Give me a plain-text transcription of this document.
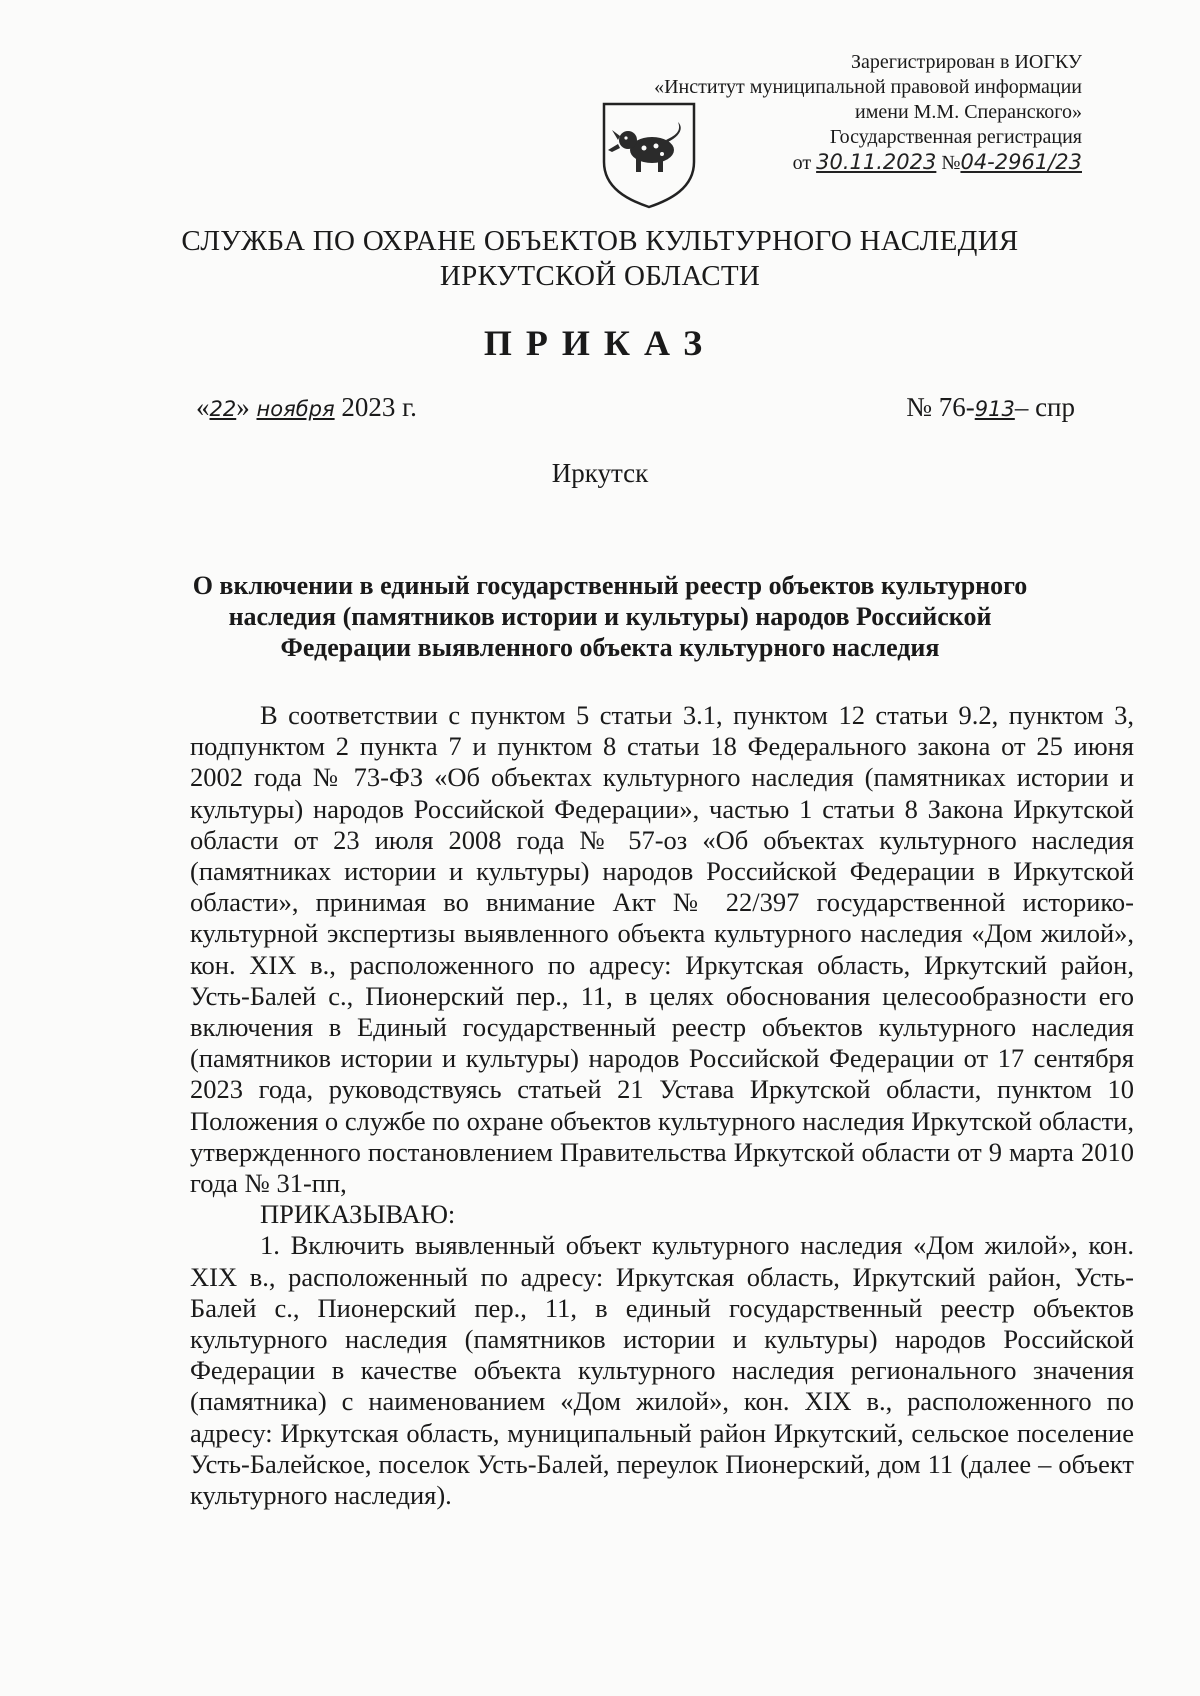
Зарегистрирован в ИОГКУ
«Институт муниципальной правовой информации
имени М.М. Сперанского»
Государственная регистрация
от 30.11.2023 №04-2961/23
СЛУЖБА ПО ОХРАНЕ ОБЪЕКТОВ КУЛЬТУРНОГО НАСЛЕДИЯ
ИРКУТСКОЙ ОБЛАСТИ
ПРИКАЗ
«22» ноября 2023 г.	№ 76-913– спр
Иркутск
О включении в единый государственный реестр объектов культурного наследия (памятников истории и культуры) народов Российской Федерации выявленного объекта культурного наследия

В соответствии с пунктом 5 статьи 3.1, пунктом 12 статьи 9.2, пунктом 3, подпунктом 2 пункта 7 и пунктом 8 статьи 18 Федерального закона от 25 июня 2002 года № 73-ФЗ «Об объектах культурного наследия (памятниках истории и культуры) народов Российской Федерации», частью 1 статьи 8 Закона Иркутской области от 23 июля 2008 года № 57-оз «Об объектах культурного наследия (памятниках истории и культуры) народов Российской Федерации в Иркутской области», принимая во внимание Акт № 22/397 государственной историко-культурной экспертизы выявленного объекта культурного наследия «Дом жилой», кон. XIX в., расположенного по адресу: Иркутская область, Иркутский район, Усть-Балей с., Пионерский пер., 11, в целях обоснования целесообразности его включения в Единый государственный реестр объектов культурного наследия (памятников истории и культуры) народов Российской Федерации от 17 сентября 2023 года, руководствуясь статьей 21 Устава Иркутской области, пунктом 10 Положения о службе по охране объектов культурного наследия Иркутской области, утвержденного постановлением Правительства Иркутской области от 9 марта 2010 года № 31-пп,

ПРИКАЗЫВАЮ:

1. Включить выявленный объект культурного наследия «Дом жилой», кон. XIX в., расположенный по адресу: Иркутская область, Иркутский район, Усть-Балей с., Пионерский пер., 11, в единый государственный реестр объектов культурного наследия (памятников истории и культуры) народов Российской Федерации в качестве объекта культурного наследия регионального значения (памятника) с наименованием «Дом жилой», кон. XIX в., расположенного по адресу: Иркутская область, муниципальный район Иркутский, сельское поселение Усть-Балейское, поселок Усть-Балей, переулок Пионерский, дом 11 (далее – объект культурного наследия).
